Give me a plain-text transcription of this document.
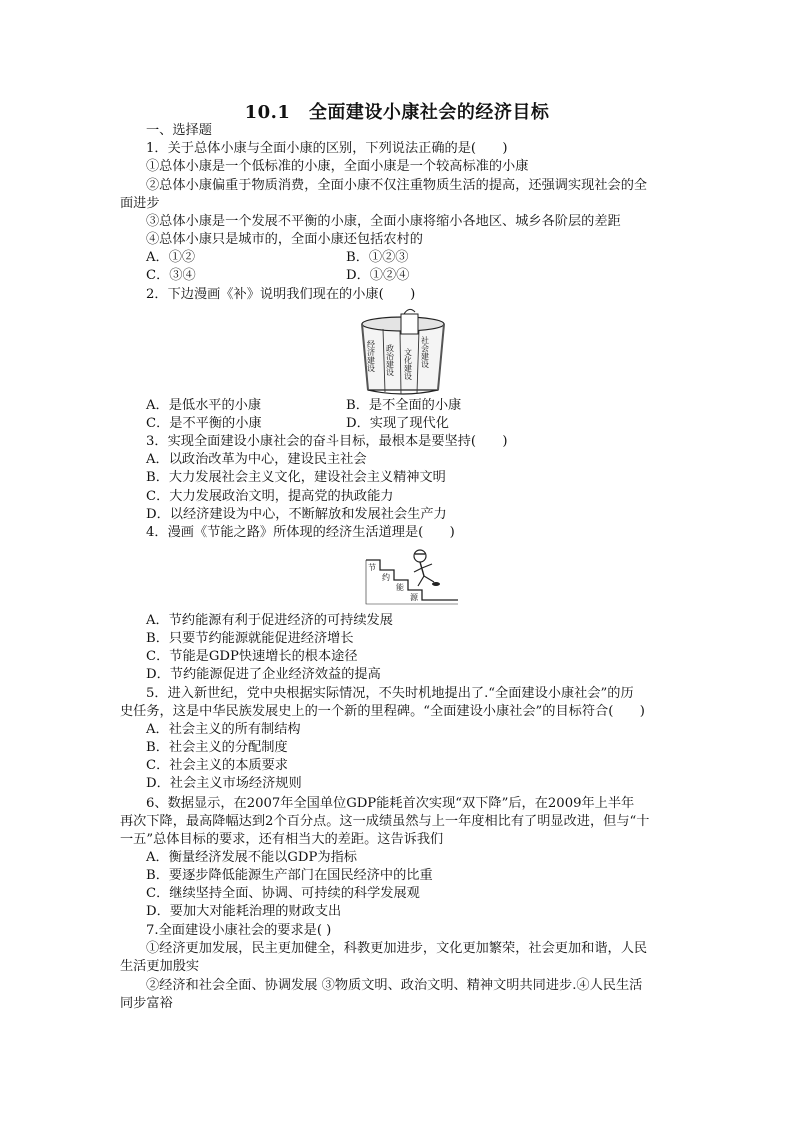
10.1　全面建设小康社会的经济目标
一、选择题
1．关于总体小康与全面小康的区别，下列说法正确的是(　　)
①总体小康是一个低标准的小康，全面小康是一个较高标准的小康
②总体小康偏重于物质消费，全面小康不仅注重物质生活的提高，还强调实现社会的全
面进步
③总体小康是一个发展不平衡的小康，全面小康将缩小各地区、城乡各阶层的差距
④总体小康只是城市的，全面小康还包括农村的
A．①②	B．①②③
C．③④	D．①②④
2．下边漫画《补》说明我们现在的小康(　　)
经济建设 政治建设 文化建设 社会建设
A．是低水平的小康	B．是不全面的小康
C．是不平衡的小康	D．实现了现代化
3．实现全面建设小康社会的奋斗目标，最根本是要坚持(　　)
A．以政治改革为中心，建设民主社会
B．大力发展社会主义文化，建设社会主义精神文明
C．大力发展政治文明，提高党的执政能力
D．以经济建设为中心，不断解放和发展社会生产力
4．漫画《节能之路》所体现的经济生活道理是(　　)
节
约
能
源
A．节约能源有利于促进经济的可持续发展
B．只要节约能源就能促进经济增长
C．节能是GDP快速增长的根本途径
D．节约能源促进了企业经济效益的提高
5．进入新世纪，党中央根据实际情况，不失时机地提出了.“全面建设小康社会”的历
史任务，这是中华民族发展史上的一个新的里程碑。“全面建设小康社会”的目标符合(　　)
A．社会主义的所有制结构
B．社会主义的分配制度
C．社会主义的本质要求
D．社会主义市场经济规则
6、数据显示，在2007年全国单位GDP能耗首次实现“双下降”后，在2009年上半年
再次下降，最高降幅达到2个百分点。这一成绩虽然与上一年度相比有了明显改进，但与“十
一五”总体目标的要求，还有相当大的差距。这告诉我们
A．衡量经济发展不能以GDP为指标
B．要逐步降低能源生产部门在国民经济中的比重
C．继续坚持全面、协调、可持续的科学发展观
D．要加大对能耗治理的财政支出
7.全面建设小康社会的要求是( )
①经济更加发展，民主更加健全，科教更加进步，文化更加繁荣，社会更加和谐，人民
生活更加殷实
②经济和社会全面、协调发展 ③物质文明、政治文明、精神文明共同进步.④人民生活
同步富裕
